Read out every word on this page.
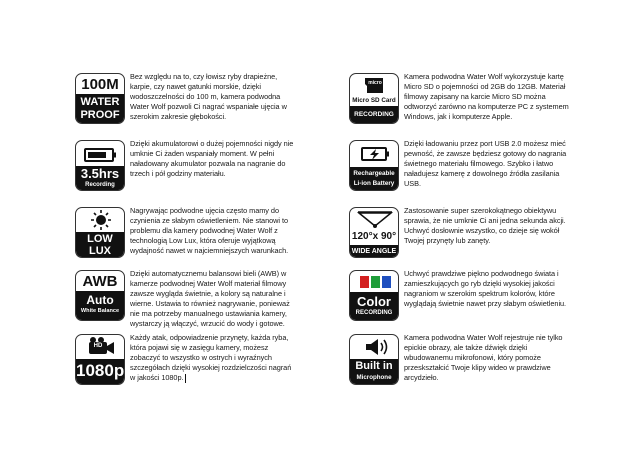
100M
WATER
PROOF
Bez względu na to, czy łowisz ryby drapieżne, karpie, czy nawet gatunki morskie, dzięki wodoszczelności do 100 m, kamera podwodna Water Wolf pozwoli Ci nagrać wspaniałe ujęcia w szerokim zakresie głębokości.
3.5hrs
Recording
Dzięki akumulatorowi o dużej pojemności nigdy nie umknie Ci żaden wspaniały moment. W pełni naładowany akumulator pozwala na nagranie do trzech i pół godziny materiału.
LOW
LUX
Nagrywając podwodne ujęcia często mamy do czynienia ze słabym oświetleniem. Nie stanowi to problemu dla kamery podwodnej Water Wolf z technologią Low Lux, która oferuje wyjątkową wydajność nawet w najciemniejszych warunkach.
AWB
Auto
White Balance
Dzięki automatycznemu balansowi bieli (AWB) w kamerze podwodnej Water Wolf materiał filmowy zawsze wygląda świetnie, a kolory są naturalne i wierne. Ustawia to również nagrywanie, ponieważ nie ma potrzeby manualnego ustawiania kamery, wystarczy ją włączyć, wrzucić do wody i gotowe.
HD
1080p
Każdy atak, odpowiadzenie przynęty, każda ryba, która pojawi się w zasięgu kamery, możesz zobaczyć to wszystko w ostrych i wyraźnych szczegółach dzięki wysokiej rozdzielczości nagrań w jakości 1080p.
micro
Micro SD Card
RECORDING
Kamera podwodna Water Wolf wykorzystuje kartę Micro SD o pojemności od 2GB do 12GB. Materiał filmowy zapisany na karcie Micro SD można odtworzyć zarówno na komputerze PC z systemem Windows, jak i komputerze Apple.
Rechargeable
Li-ion Battery
Dzięki ładowaniu przez port USB 2.0 możesz mieć pewność, że zawsze będziesz gotowy do nagrania świetnego materiału filmowego. Szybko i łatwo naładujesz kamerę z dowolnego źródła zasilania USB.
120°x 90°
WIDE ANGLE
Zastosowanie super szerokokątnego obiektywu sprawia, że nie umknie Ci ani jedna sekunda akcji. Uchwyć dosłownie wszystko, co dzieje się wokół Twojej przynęty lub zanęty.
Color
RECORDING
Uchwyć prawdziwe piękno podwodnego świata i zamieszkujących go ryb dzięki wysokiej jakości nagraniom w szerokim spektrum kolorów, które wyglądają świetnie nawet przy słabym oświetleniu.
Built in
Microphone
Kamera podwodna Water Wolf rejestruje nie tylko epickie obrazy, ale także dźwięk dzięki wbudowanemu mikrofonowi, który pomoże przeskształcić Twoje klipy wideo w prawdziwe arcydzieło.
